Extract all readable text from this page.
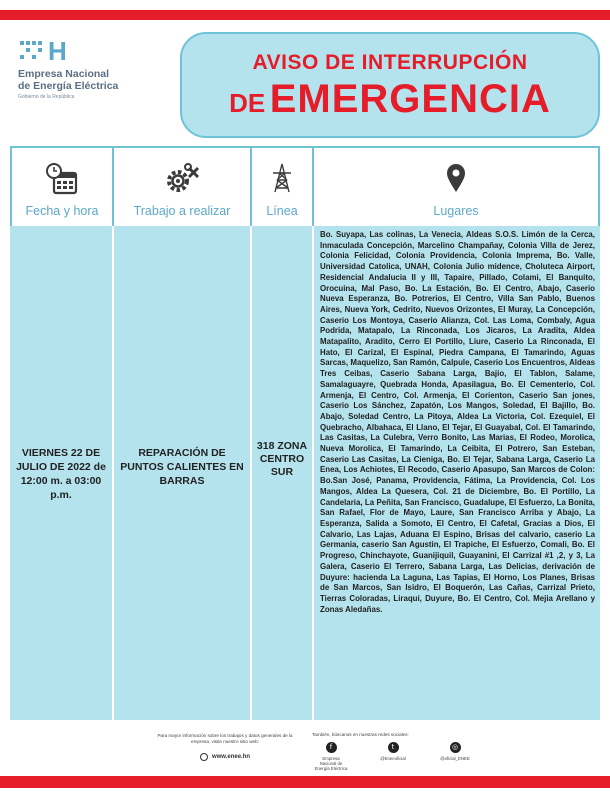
H
Empresa Nacional
de Energía Eléctrica
Gobierno de la República
AVISO DE INTERRUPCIÓN
DE EMERGENCIA
Fecha y hora
VIERNES 22 DE JULIO DE 2022 de 12:00 m. a 03:00 p.m.
Trabajo a realizar
REPARACIÓN DE PUNTOS CALIENTES EN BARRAS
Línea
318 ZONA CENTRO SUR
Lugares
Bo. Suyapa, Las colinas, La Venecia, Aldeas S.O.S. Limón de la Cerca, Inmaculada Concepción, Marcelino Champañay, Colonia Villa de Jerez, Colonia Felicidad, Colonia Providencia, Colonia Imprema, Bo. Valle, Universidad Catolica, UNAH, Colonia Julio midence, Choluteca Airport, Residencial Andalucia II y III, Tapaire, Pillado, Colami, El Banquito, Orocuina, Mal Paso, Bo. La Estación, Bo. El Centro, Abajo, Caserio Nueva Esperanza, Bo. Potrerios, El Centro, Villa San Pablo, Buenos Aires, Nueva York, Cedrito, Nuevos Orizontes, El Muray, La Concepción, Caserio Los Montoya, Caserio Alianza, Col. Las Loma, Combaly, Agua Podrida, Matapalo, La Rinconada, Los Jicaros, La Aradita, Aldea Matapalito, Aradito, Cerro El Portillo, Liure, Caserio La Rinconada, El Hato, El Carizal, El Espinal, Piedra Campana, El Tamarindo, Aguas Sarcas, Maquelizo, San Ramón, Calpule, Caserio Los Encuentros, Aldeas Tres Ceibas, Caserio Sabana Larga, Bajio, El Tablon, Salame, Samalaguayre, Quebrada Honda, Apasilagua, Bo. El Cementerio, Col. Armenja, El Centro, Col. Armenja, El Corienton, Caserio San jones, Caserio Los Sánchez, Zapatón, Los Mangos, Soledad, El Bajillo, Bo. Abajo, Soledad Centro, La Pitoya, Aldea La Victoria, Col. Ezequiel, El Quebracho, Albahaca, El Llano, El Tejar, El Guayabal, Col. El Tamarindo, Las Casitas, La Culebra, Verro Bonito, Las Marias, El Rodeo, Morolica, Nueva Morolica, El Tamarindo, La Ceibita, El Potrero, San Esteban, Caserio Las Casitas, La Cieniga, Bo. El Tejar, Sabana Larga, Caserio La Enea, Los Achiotes, El Recodo, Caserio Apasupo, San Marcos de Colon: Bo.San José, Panama, Providencia, Fátima, La Providencia, Col. Los Mangos, Aldea La Quesera, Col. 21 de Diciembre, Bo. El Portillo, La Candelaria, La Peñita, San Francisco, Guadalupe, El Esfuerzo, La Bonita, San Rafael, Flor de Mayo, Laure, San Francisco Arriba y Abajo, La Esperanza, Salida a Somoto, El Centro, El Cafetal, Gracias a Dios, El Calvario, Las Lajas, Aduana El Espino, Brisas del calvario, caserio La Germania, caserio San Agustin, El Trapiche, El Esfuerzo, Comali, Bo. El Progreso, Chinchayote, Guanijiquil, Guayanini, El Carrizal #1 ,2, y 3, La Galera, Caserio El Terrero, Sabana Larga, Las Delicias, derivación de Duyure: hacienda La Laguna, Las Tapias, El Horno, Los Planes, Brisas de San Marcos, San Isidro, El Boquerón, Las Cañas, Carrizal Prieto, Tierras Coloradas, Liraquí, Duyure, Bo. El Centro, Col. Mejia Arellano y Zonas Aledañas.
Para mayor información sobre los trabajos y datos generales de la empresa, visite nuestro sitio web:
www.enee.hn
También, búscanos en nuestras redes sociales:
f
Empresa Nacional de Energía Eléctrica
t
@Eneeoficial
◎
@oficial_ENEE
